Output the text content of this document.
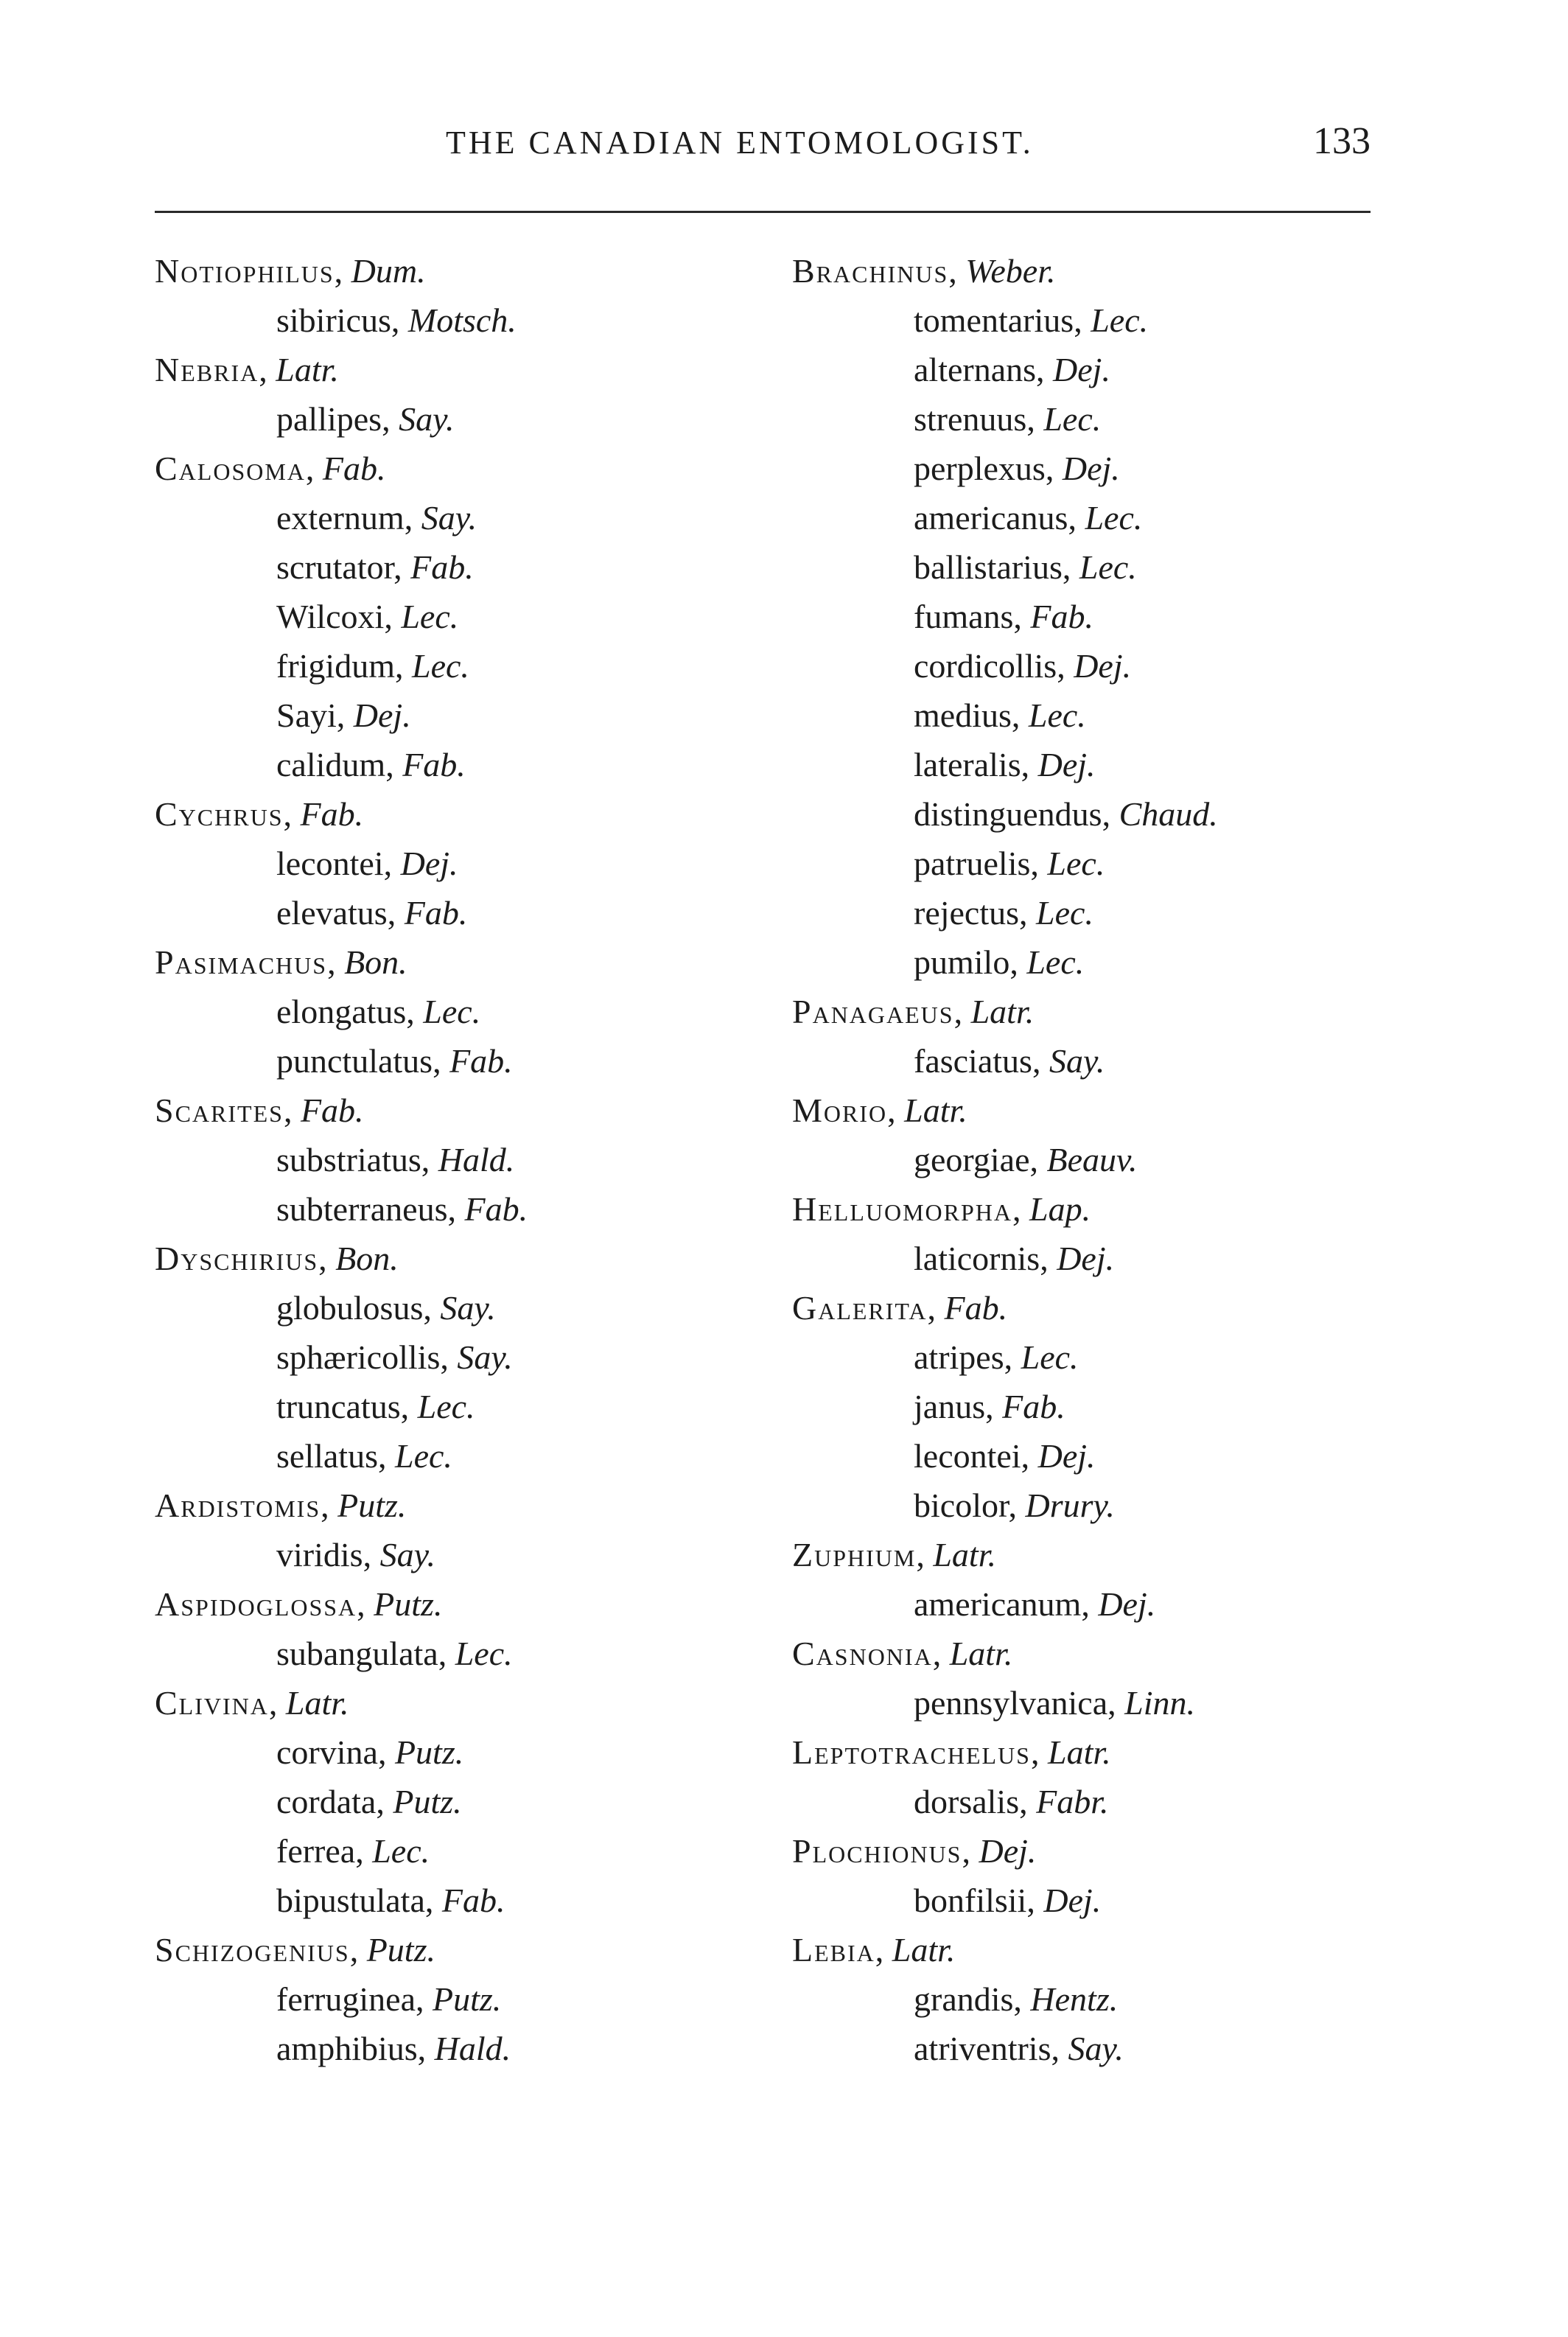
THE CANADIAN ENTOMOLOGIST.	133
Notiophilus, Dum.
sibiricus, Motsch.
Nebria, Latr.
pallipes, Say.
Calosoma, Fab.
externum, Say.
scrutator, Fab.
Wilcoxi, Lec.
frigidum, Lec.
Sayi, Dej.
calidum, Fab.
Cychrus, Fab.
lecontei, Dej.
elevatus, Fab.
Pasimachus, Bon.
elongatus, Lec.
punctulatus, Fab.
Scarites, Fab.
substriatus, Hald.
subterraneus, Fab.
Dyschirius, Bon.
globulosus, Say.
sphæricollis, Say.
truncatus, Lec.
sellatus, Lec.
Ardistomis, Putz.
viridis, Say.
Aspidoglossa, Putz.
subangulata, Lec.
Clivina, Latr.
corvina, Putz.
cordata, Putz.
ferrea, Lec.
bipustulata, Fab.
Schizogenius, Putz.
ferruginea, Putz.
amphibius, Hald.
Brachinus, Weber.
tomentarius, Lec.
alternans, Dej.
strenuus, Lec.
perplexus, Dej.
americanus, Lec.
ballistarius, Lec.
fumans, Fab.
cordicollis, Dej.
medius, Lec.
lateralis, Dej.
distinguendus, Chaud.
patruelis, Lec.
rejectus, Lec.
pumilo, Lec.
Panagaeus, Latr.
fasciatus, Say.
Morio, Latr.
georgiae, Beauv.
Helluomorpha, Lap.
laticornis, Dej.
Galerita, Fab.
atripes, Lec.
janus, Fab.
lecontei, Dej.
bicolor, Drury.
Zuphium, Latr.
americanum, Dej.
Casnonia, Latr.
pennsylvanica, Linn.
Leptotrachelus, Latr.
dorsalis, Fabr.
Plochionus, Dej.
bonfilsii, Dej.
Lebia, Latr.
grandis, Hentz.
atriventris, Say.
